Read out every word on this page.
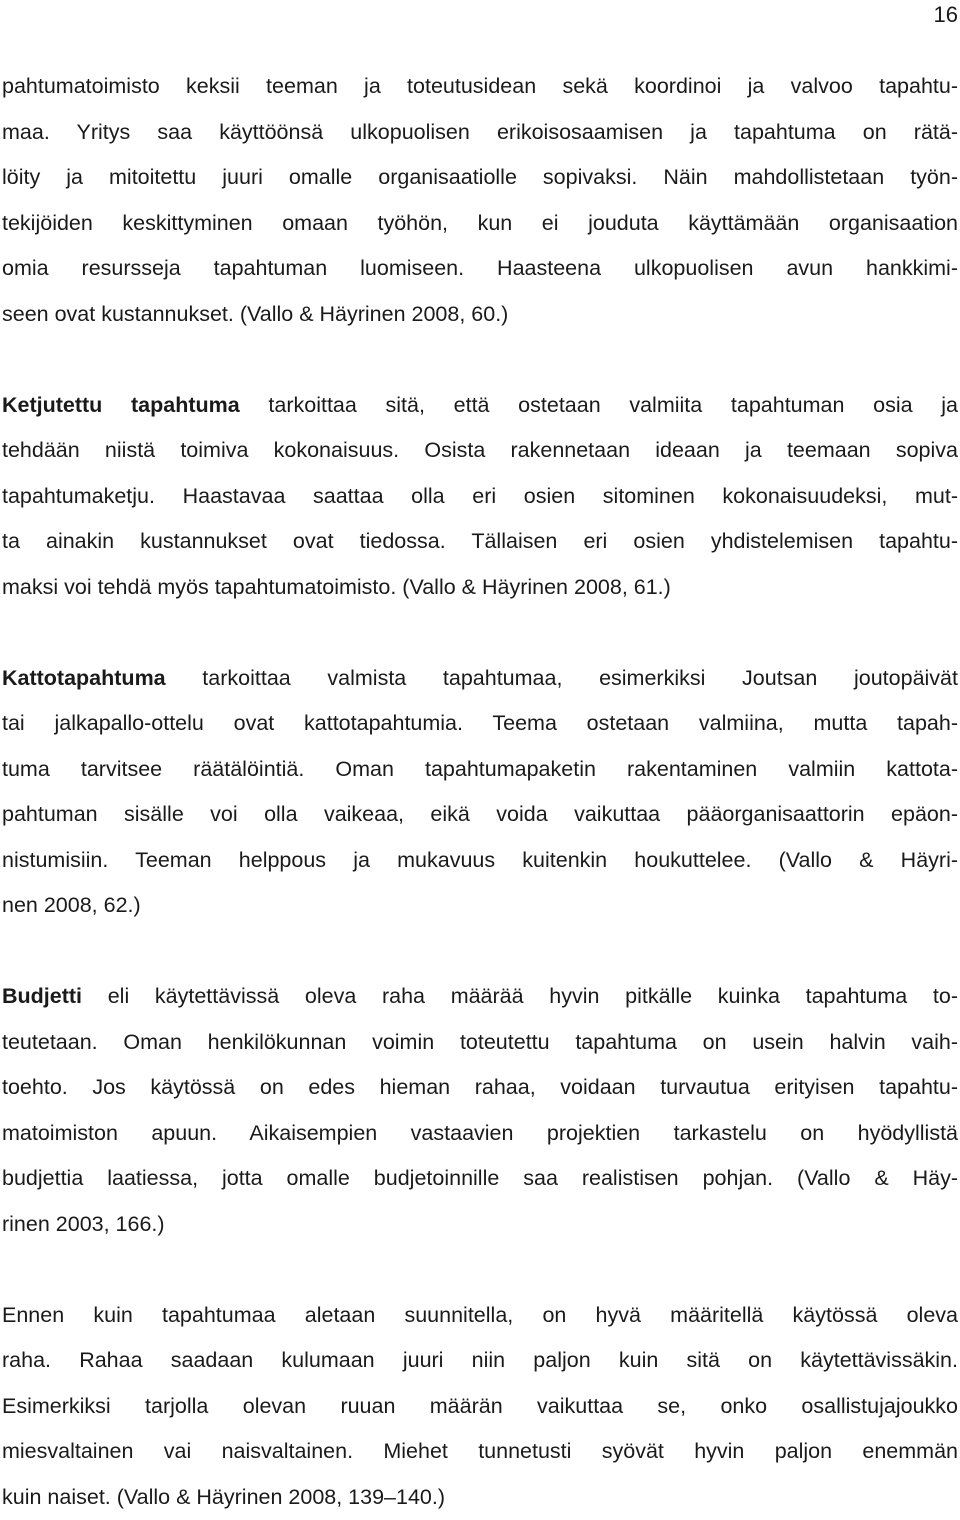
16
pahtumatoimisto keksii teeman ja toteutusidean sekä koordinoi ja valvoo tapahtu-
maa. Yritys saa käyttöönsä ulkopuolisen erikoisosaamisen ja tapahtuma on rätä-
löity ja mitoitettu juuri omalle organisaatiolle sopivaksi. Näin mahdollistetaan työn-
tekijöiden keskittyminen omaan työhön, kun ei jouduta käyttämään organisaation
omia resursseja tapahtuman luomiseen. Haasteena ulkopuolisen avun hankkimi-
seen ovat kustannukset. (Vallo & Häyrinen 2008, 60.)
Ketjutettu tapahtuma tarkoittaa sitä, että ostetaan valmiita tapahtuman osia ja
tehdään niistä toimiva kokonaisuus. Osista rakennetaan ideaan ja teemaan sopiva
tapahtumaketju. Haastavaa saattaa olla eri osien sitominen kokonaisuudeksi, mut-
ta ainakin kustannukset ovat tiedossa. Tällaisen eri osien yhdistelemisen tapahtu-
maksi voi tehdä myös tapahtumatoimisto. (Vallo & Häyrinen 2008, 61.)
Kattotapahtuma tarkoittaa valmista tapahtumaa, esimerkiksi Joutsan joutopäivät
tai jalkapallo-ottelu ovat kattotapahtumia. Teema ostetaan valmiina, mutta tapah-
tuma tarvitsee räätälöintiä. Oman tapahtumapaketin rakentaminen valmiin kattota-
pahtuman sisälle voi olla vaikeaa, eikä voida vaikuttaa pääorganisaattorin epäon-
nistumisiin. Teeman helppous ja mukavuus kuitenkin houkuttelee. (Vallo & Häyri-
nen 2008, 62.)
Budjetti eli käytettävissä oleva raha määrää hyvin pitkälle kuinka tapahtuma to-
teutetaan. Oman henkilökunnan voimin toteutettu tapahtuma on usein halvin vaih-
toehto. Jos käytössä on edes hieman rahaa, voidaan turvautua erityisen tapahtu-
matoimiston apuun. Aikaisempien vastaavien projektien tarkastelu on hyödyllistä
budjettia laatiessa, jotta omalle budjetoinnille saa realistisen pohjan. (Vallo & Häy-
rinen 2003, 166.)
Ennen kuin tapahtumaa aletaan suunnitella, on hyvä määritellä käytössä oleva
raha. Rahaa saadaan kulumaan juuri niin paljon kuin sitä on käytettävissäkin.
Esimerkiksi tarjolla olevan ruuan määrän vaikuttaa se, onko osallistujajoukko
miesvaltainen vai naisvaltainen. Miehet tunnetusti syövät hyvin paljon enemmän
kuin naiset. (Vallo & Häyrinen 2008, 139–140.)
